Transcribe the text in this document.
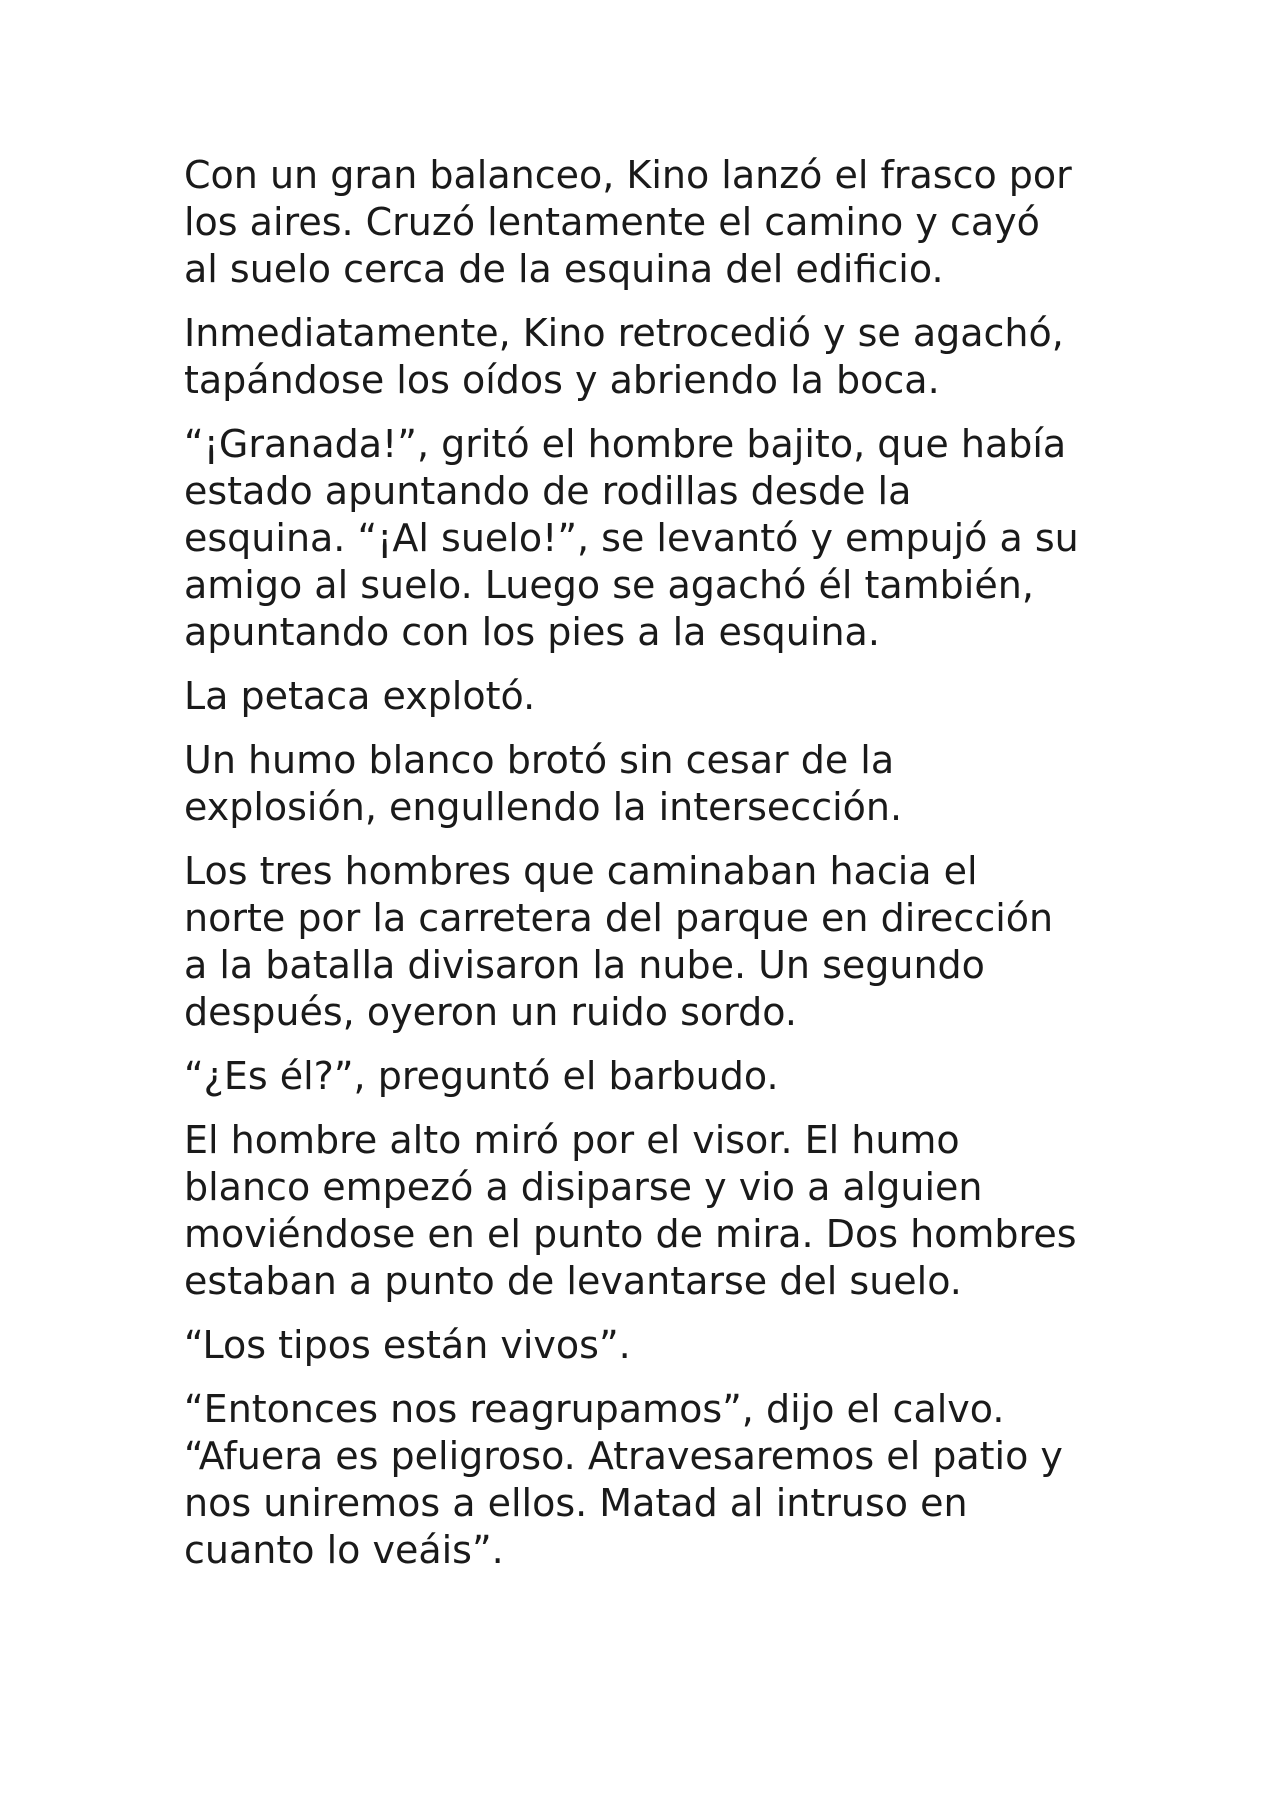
Con un gran balanceo, Kino lanzó el frasco por
los aires. Cruzó lentamente el camino y cayó
al suelo cerca de la esquina del edificio.

Inmediatamente, Kino retrocedió y se agachó,
tapándose los oídos y abriendo la boca.

“¡Granada!”, gritó el hombre bajito, que había
estado apuntando de rodillas desde la
esquina. “¡Al suelo!”, se levantó y empujó a su
amigo al suelo. Luego se agachó él también,
apuntando con los pies a la esquina.

La petaca explotó.

Un humo blanco brotó sin cesar de la
explosión, engullendo la intersección.

Los tres hombres que caminaban hacia el
norte por la carretera del parque en dirección
a la batalla divisaron la nube. Un segundo
después, oyeron un ruido sordo.

“¿Es él?”, preguntó el barbudo.

El hombre alto miró por el visor. El humo
blanco empezó a disiparse y vio a alguien
moviéndose en el punto de mira. Dos hombres
estaban a punto de levantarse del suelo.

“Los tipos están vivos”.

“Entonces nos reagrupamos”, dijo el calvo.
“Afuera es peligroso. Atravesaremos el patio y
nos uniremos a ellos. Matad al intruso en
cuanto lo veáis”.
